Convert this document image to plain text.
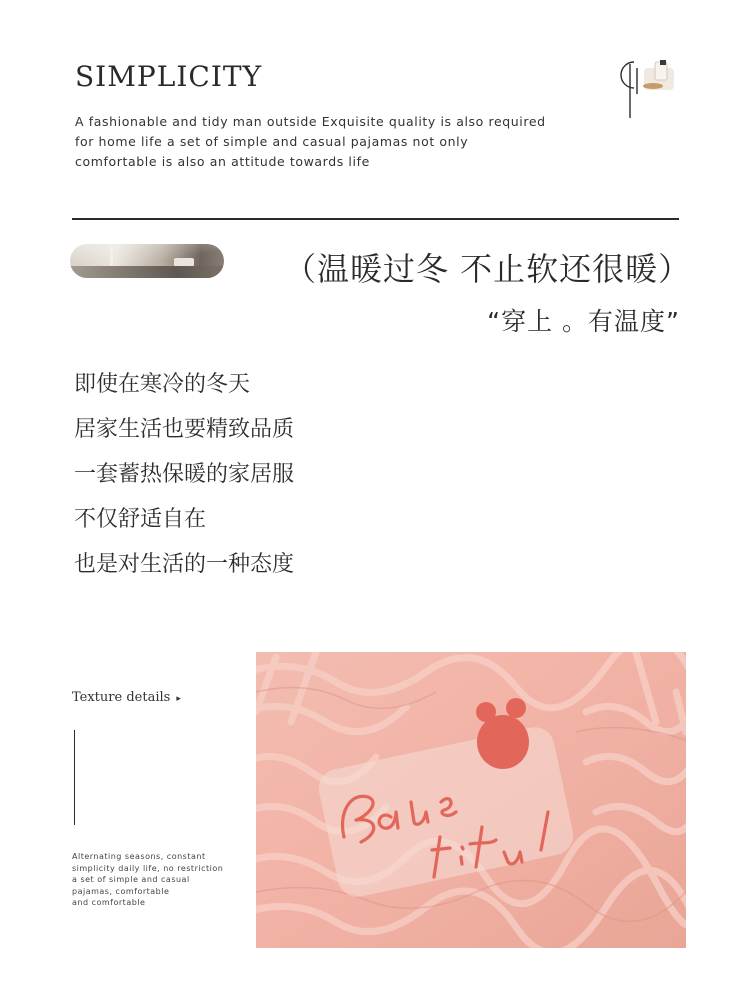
SIMPLICITY
A fashionable and tidy man outside Exquisite quality is also required
for home life a set of simple and casual pajamas not only
comfortable is also an attitude towards life
（温暖过冬 不止软还很暖）
“穿上 。有温度”
即使在寒冷的冬天
居家生活也要精致品质
一套蓄热保暖的家居服
不仅舒适自在
也是对生活的一种态度
Texture details ▸
Alternating seasons, constant
simplicity daily life, no restriction
a set of simple and casual
pajamas, comfortable
and comfortable
